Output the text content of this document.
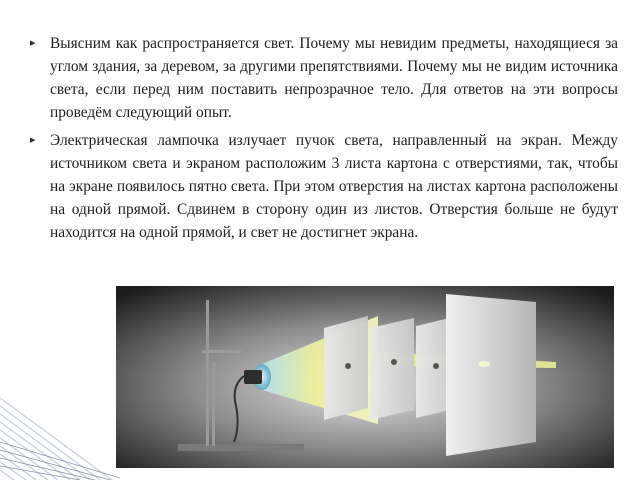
▸ Выясним как распространяется свет. Почему мы невидим предметы, находящиеся за углом здания, за деревом, за другими препятствиями. Почему мы не видим источника света, если перед ним поставить непрозрачное тело. Для ответов на эти вопросы проведём следующий опыт.
▸ Электрическая лампочка излучает пучок света, направленный на экран. Между источником света и экраном расположим 3 листа картона с отверстиями, так, чтобы на экране появилось пятно света. При этом отверстия на листах картона расположены на одной прямой. Сдвинем в сторону один из листов. Отверстия больше не будут находится на одной прямой, и свет не достигнет экрана.
